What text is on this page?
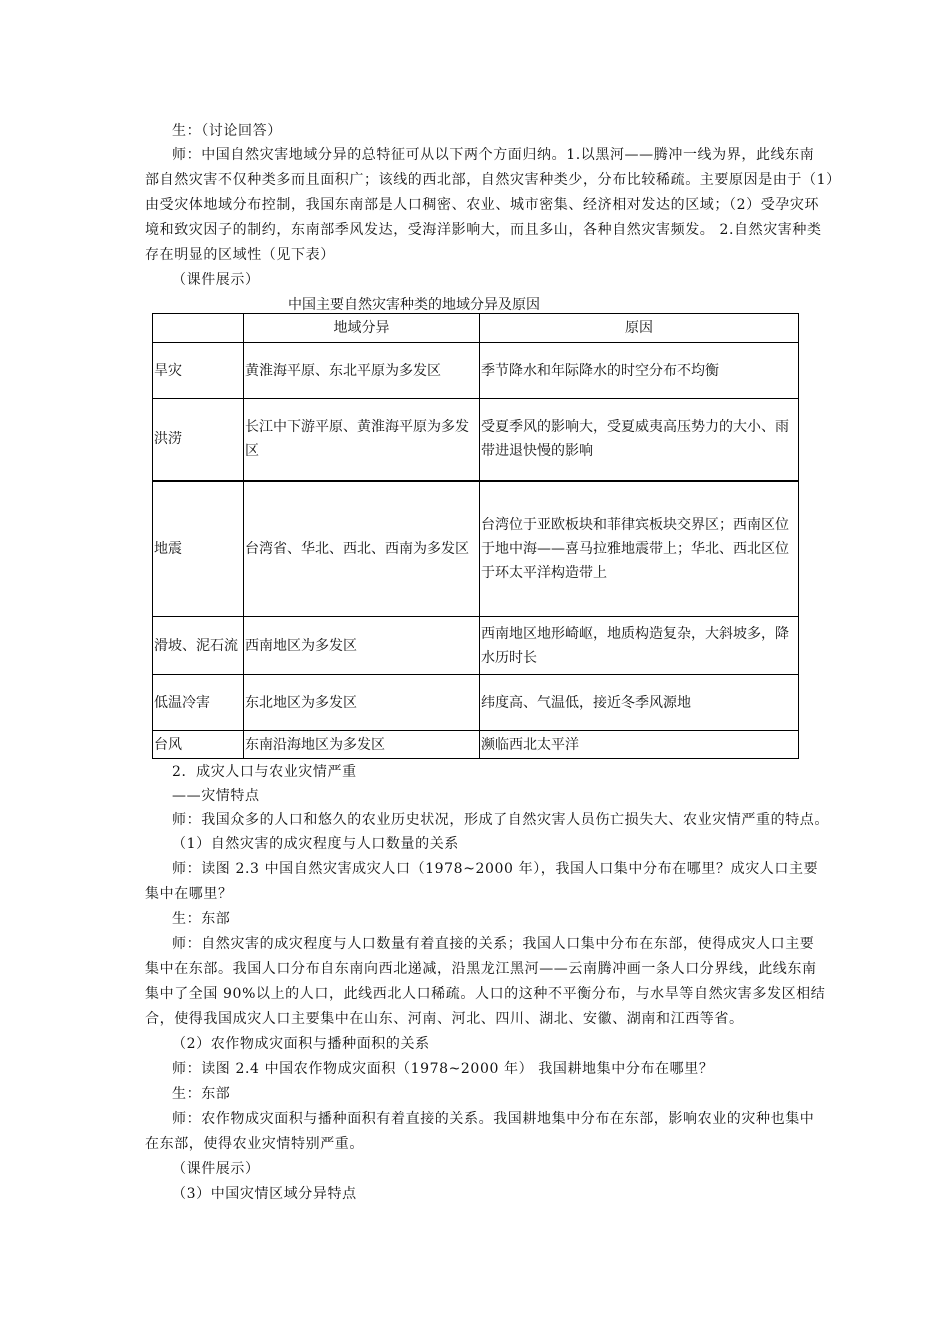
生：（讨论回答）
师：中国自然灾害地域分异的总特征可从以下两个方面归纳。1.以黑河——腾冲一线为界，此线东南
部自然灾害不仅种类多而且面积广；该线的西北部，自然灾害种类少，分布比较稀疏。主要原因是由于（1）
由受灾体地域分布控制，我国东南部是人口稠密、农业、城市密集、经济相对发达的区域；（2）受孕灾环
境和致灾因子的制约，东南部季风发达，受海洋影响大，而且多山，各种自然灾害频发。 2.自然灾害种类
存在明显的区域性（见下表）
（课件展示）
中国主要自然灾害种类的地域分异及原因
	地域分异	原因
旱灾	黄淮海平原、东北平原为多发区	季节降水和年际降水的时空分布不均衡
洪涝	长江中下游平原、黄淮海平原为多发区	受夏季风的影响大，受夏威夷高压势力的大小、雨带进退快慢的影响
地震	台湾省、华北、西北、西南为多发区	台湾位于亚欧板块和菲律宾板块交界区；西南区位于地中海——喜马拉雅地震带上；华北、西北区位于环太平洋构造带上
滑坡、泥石流	西南地区为多发区	西南地区地形崎岖，地质构造复杂，大斜坡多，降水历时长
低温冷害	东北地区为多发区	纬度高、气温低，接近冬季风源地
台风	东南沿海地区为多发区	濒临西北太平洋
2．成灾人口与农业灾情严重
——灾情特点
师：我国众多的人口和悠久的农业历史状况，形成了自然灾害人员伤亡损失大、农业灾情严重的特点。
（1）自然灾害的成灾程度与人口数量的关系
师：读图 2.3 中国自然灾害成灾人口（1978~2000 年），我国人口集中分布在哪里？成灾人口主要
集中在哪里？
生：东部
师：自然灾害的成灾程度与人口数量有着直接的关系；我国人口集中分布在东部，使得成灾人口主要
集中在东部。我国人口分布自东南向西北递减，沿黑龙江黑河——云南腾冲画一条人口分界线，此线东南
集中了全国 90%以上的人口，此线西北人口稀疏。人口的这种不平衡分布，与水旱等自然灾害多发区相结
合，使得我国成灾人口主要集中在山东、河南、河北、四川、湖北、安徽、湖南和江西等省。
（2）农作物成灾面积与播种面积的关系
师：读图 2.4 中国农作物成灾面积（1978~2000 年） 我国耕地集中分布在哪里？
生：东部
师：农作物成灾面积与播种面积有着直接的关系。我国耕地集中分布在东部，影响农业的灾种也集中
在东部，使得农业灾情特别严重。
（课件展示）
（3）中国灾情区域分异特点
